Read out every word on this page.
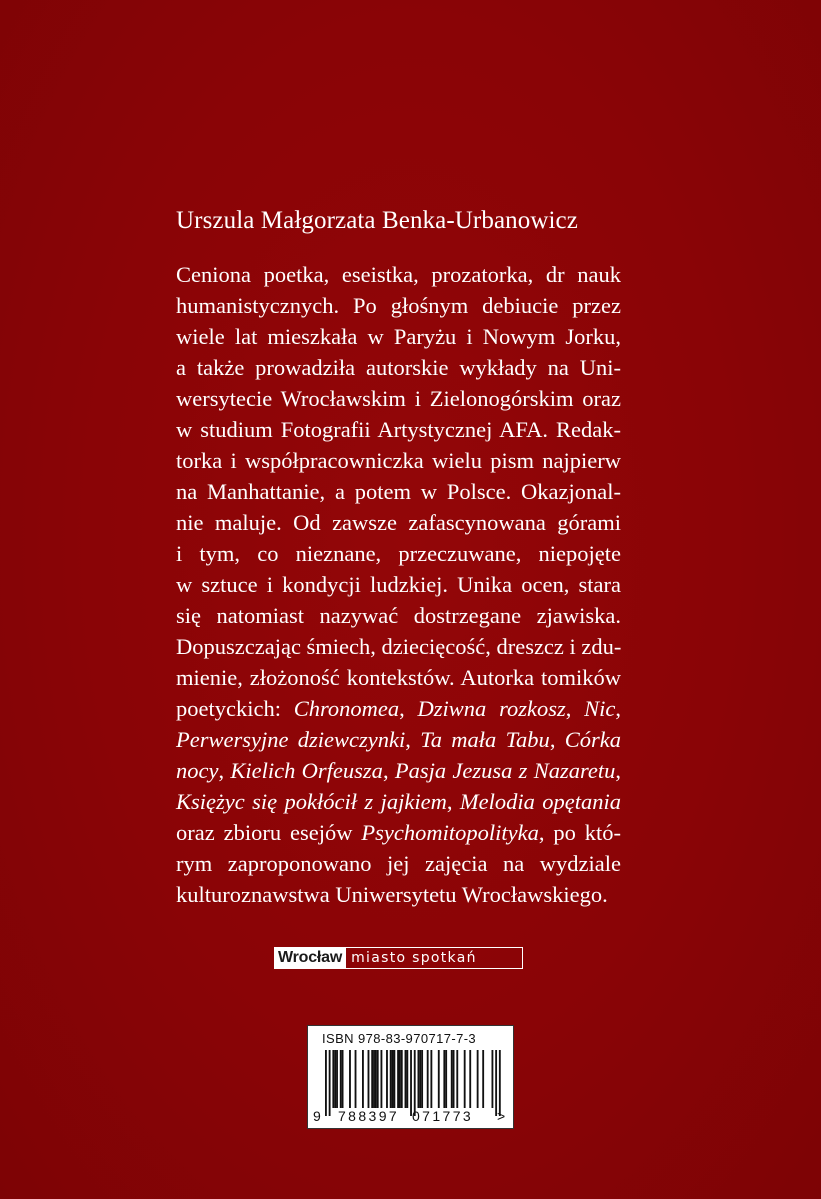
Urszula Małgorzata Benka-Urbanowicz
Ceniona poetka, eseistka, prozatorka, dr nauk
humanistycznych. Po głośnym debiucie przez
wiele lat mieszkała w Paryżu i Nowym Jorku,
a także prowadziła autorskie wykłady na Uni-
wersytecie Wrocławskim i Zielonogórskim oraz
w studium Fotografii Artystycznej AFA. Redak-
torka i współpracowniczka wielu pism najpierw
na Manhattanie, a potem w Polsce. Okazjonal-
nie maluje. Od zawsze zafascynowana górami
i tym, co nieznane, przeczuwane, niepojęte
w sztuce i kondycji ludzkiej. Unika ocen, stara
się natomiast nazywać dostrzegane zjawiska.
Dopuszczając śmiech, dziecięcość, dreszcz i zdu-
mienie, złożoność kontekstów. Autorka tomików
poetyckich: Chronomea, Dziwna rozkosz, Nic,
Perwersyjne dziewczynki, Ta mała Tabu, Córka
nocy, Kielich Orfeusza, Pasja Jezusa z Nazaretu,
Księżyc się pokłócił z jajkiem, Melodia opętania
oraz zbioru esejów Psychomitopolityka, po któ-
rym zaproponowano jej zajęcia na wydziale
kulturoznawstwa Uniwersytetu Wrocławskiego.
Wrocław miasto spotkań
ISBN 978-83-970717-7-3
9 788397 071773 >
